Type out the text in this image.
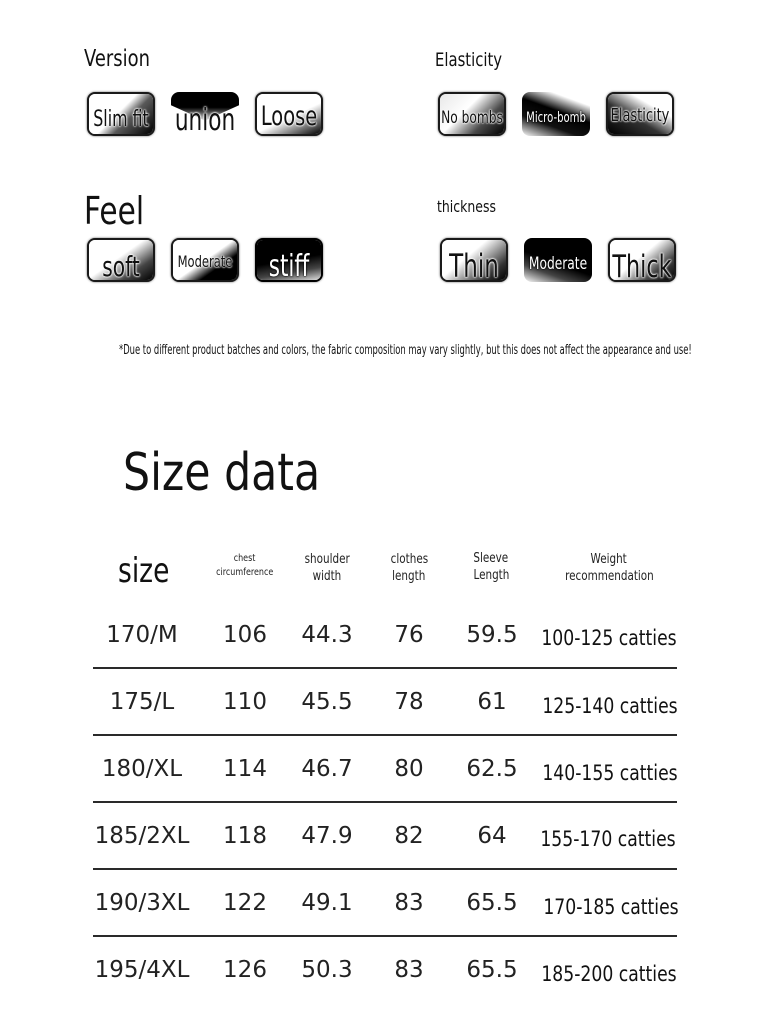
Version
Slim fit union Loose
Elasticity
No bombs Micro-bomb Elasticity
Feel
soft Moderate stiff
thickness
Thin Moderate Thick
*Due to different product batches and colors, the fabric composition may vary slightly, but this does not affect the appearance and use!
Size data
size	chest
circumference
shoulder
width
clothes
length
Sleeve
Length
Weight
recommendation
170/M 106 44.3 76 59.5 100-125 catties
175/L 110 45.5 78 61 125-140 catties
180/XL 114 46.7 80 62.5 140-155 catties
185/2XL 118 47.9 82 64 155-170 catties
190/3XL 122 49.1 83 65.5 170-185 catties
195/4XL 126 50.3 83 65.5 185-200 catties
